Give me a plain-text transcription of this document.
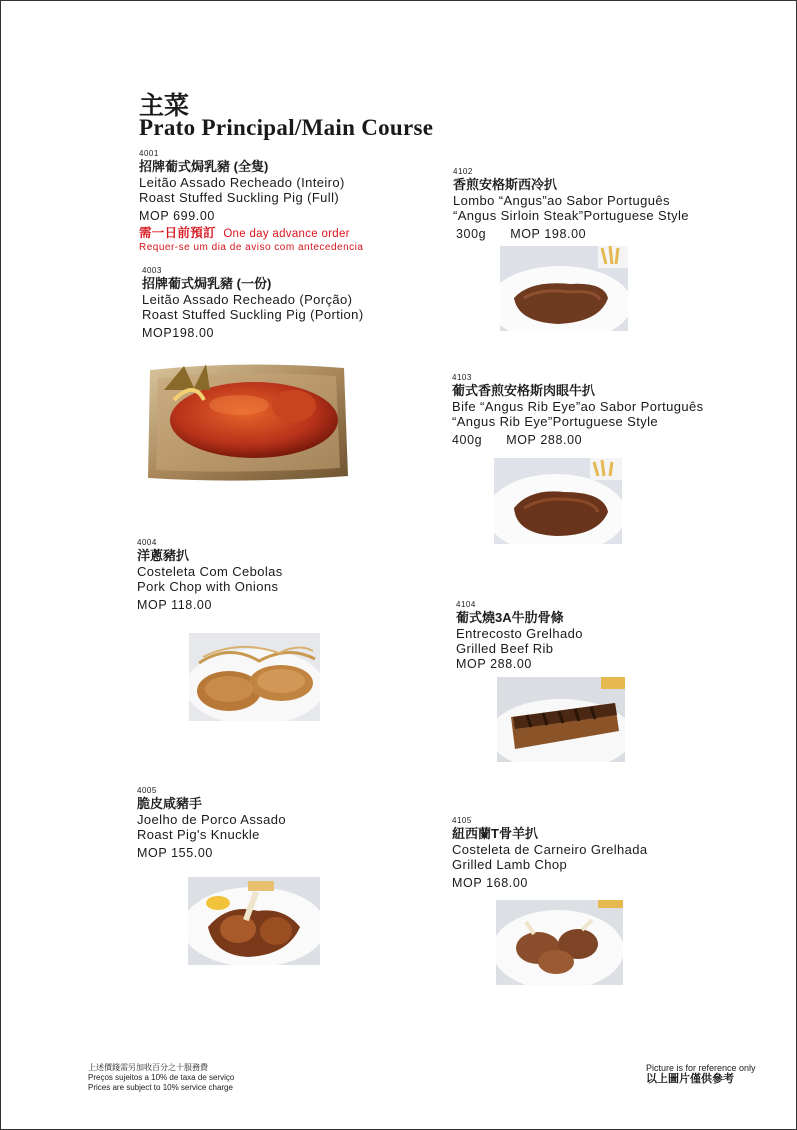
主菜
Prato Principal/Main Course
4001
招牌葡式焗乳豬 (全隻)
Leitão Assado Recheado (Inteiro)
Roast Stuffed Suckling Pig (Full)
MOP 699.00
需一日前預訂 One day advance order
Requer-se um dia de aviso com antecedencia
4003
招牌葡式焗乳豬 (一份)
Leitão Assado Recheado (Porção)
Roast Stuffed Suckling Pig (Portion)
MOP198.00
4004
洋蔥豬扒
Costeleta Com Cebolas
Pork Chop with Onions
MOP 118.00
4005
脆皮咸豬手
Joelho de Porco Assado
Roast Pig's Knuckle
MOP 155.00
4102
香煎安格斯西冷扒
Lombo “Angus”ao Sabor Português
“Angus Sirloin Steak”Portuguese Style
300g MOP 198.00
4103
葡式香煎安格斯肉眼牛扒
Bife “Angus Rib Eye”ao Sabor Português
“Angus Rib Eye”Portuguese Style
400g MOP 288.00
4104
葡式燒3A牛肋骨條
Entrecosto Grelhado
Grilled Beef Rib
MOP 288.00
4105
紐西蘭T骨羊扒
Costeleta de Carneiro Grelhada
Grilled Lamb Chop
MOP 168.00
上述價錢需另加收百分之十服務費
Preços sujeitos a 10% de taxa de serviço
Prices are subject to 10% service charge
Picture is for reference only
以上圖片僅供參考
